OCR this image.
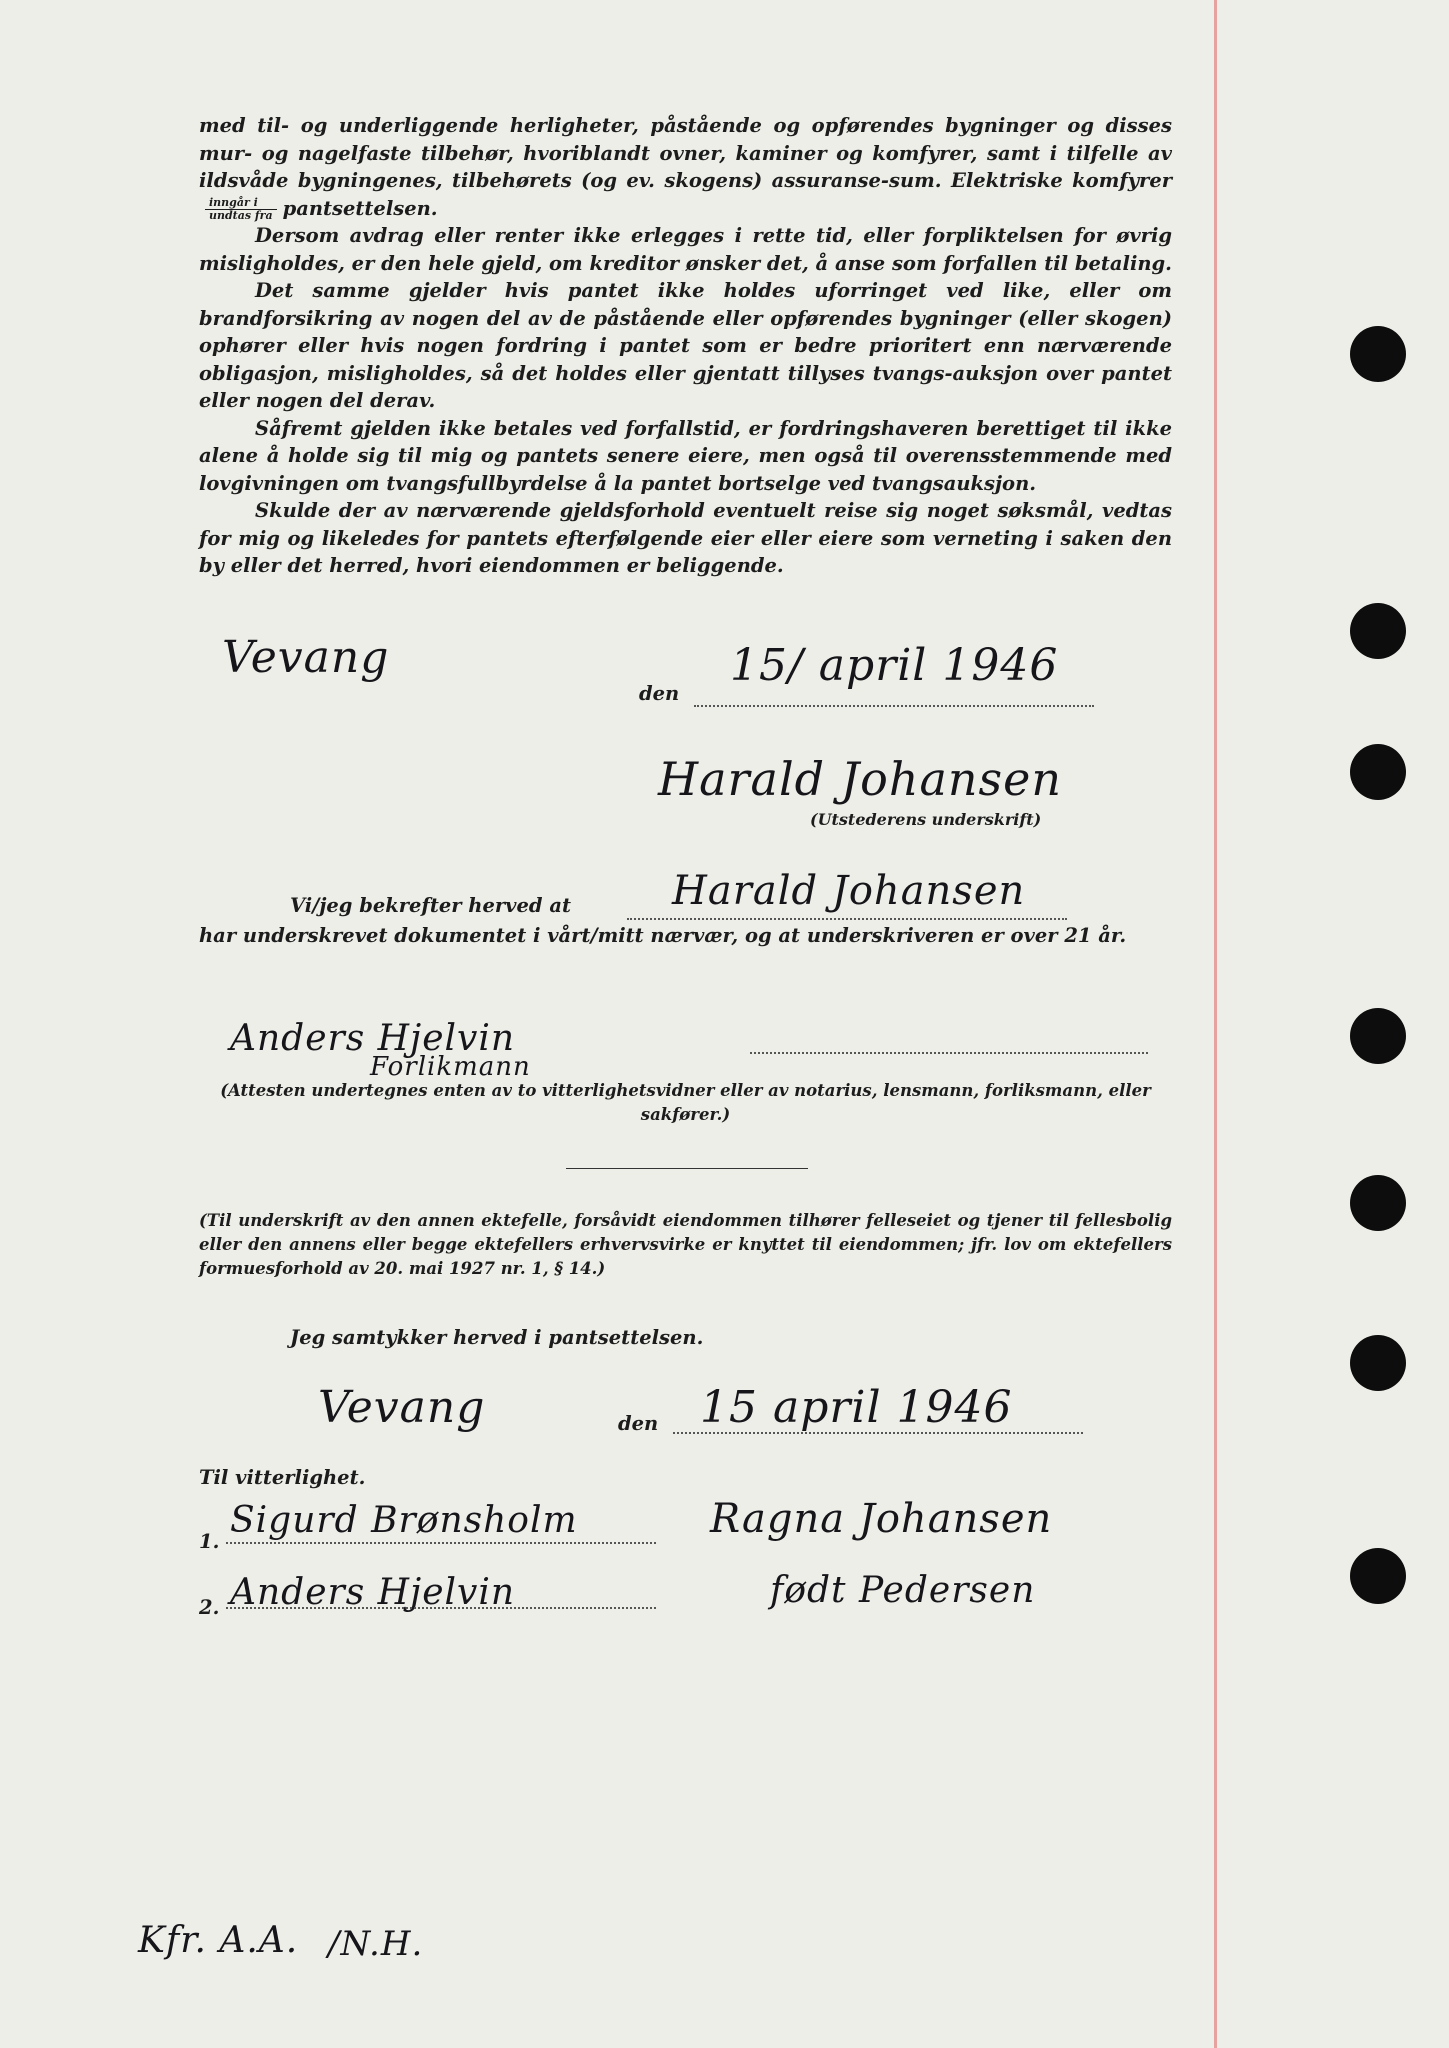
med til- og underliggende herligheter, påstående og opførendes bygninger og disses mur- og nagelfaste tilbehør, hvoriblandt ovner, kaminer og komfyrer, samt i tilfelle av ildsvåde bygningenes, tilbehørets (og ev. skogens) assuranse-sum. Elektriske komfyrer
$\frac{\text{inngår i}}{\text{undtas fra}}$ pantsettelsen.

Dersom avdrag eller renter ikke erlegges i rette tid, eller forpliktelsen for øvrig misligholdes, er den hele gjeld, om kreditor ønsker det, å anse som forfallen til betaling.

Det samme gjelder hvis pantet ikke holdes uforringet ved like, eller om brandforsikring av nogen del av de påstående eller opførendes bygninger (eller skogen) ophører eller hvis nogen fordring i pantet som er bedre prioritert enn nærværende obligasjon, misligholdes, så det holdes eller gjentatt tillyses tvangs-auksjon over pantet eller nogen del derav.

Såfremt gjelden ikke betales ved forfallstid, er fordringshaveren berettiget til ikke alene å holde sig til mig og pantets senere eiere, men også til overensstemmende med lovgivningen om tvangsfullbyrdelse å la pantet bortselge ved tvangsauksjon.

Skulde der av nærværende gjeldsforhold eventuelt reise sig noget søksmål, vedtas for mig og likeledes for pantets efterfølgende eier eller eiere som verneting i saken den by eller det herred, hvori eiendommen er beliggende.

Vevang
den
15/ april 1946
Harald Johansen
(Utstederens underskrift)
Vi/jeg bekrefter herved at	Harald Johansen
har underskrevet dokumentet i vårt/mitt nærvær, og at underskriveren er over 21 år.
Anders Hjelvin
Forlikmann
(Attesten undertegnes enten av to vitterlighetsvidner eller av notarius, lensmann, forliksmann, eller sakfører.)
(Til underskrift av den annen ektefelle, forsåvidt eiendommen tilhører felleseiet og tjener til fellesbolig eller den annens eller begge ektefellers erhvervsvirke er knyttet til eiendommen; jfr. lov om ektefellers formuesforhold av 20. mai 1927 nr. 1, § 14.)
Jeg samtykker herved i pantsettelsen.
Vevang	den 15 april 1946
Til vitterlighet.
1.
Sigurd Brønsholm
2. Anders Hjelvin
Ragna Johansen
født Pedersen
Kfr. A.A. /N.H.
